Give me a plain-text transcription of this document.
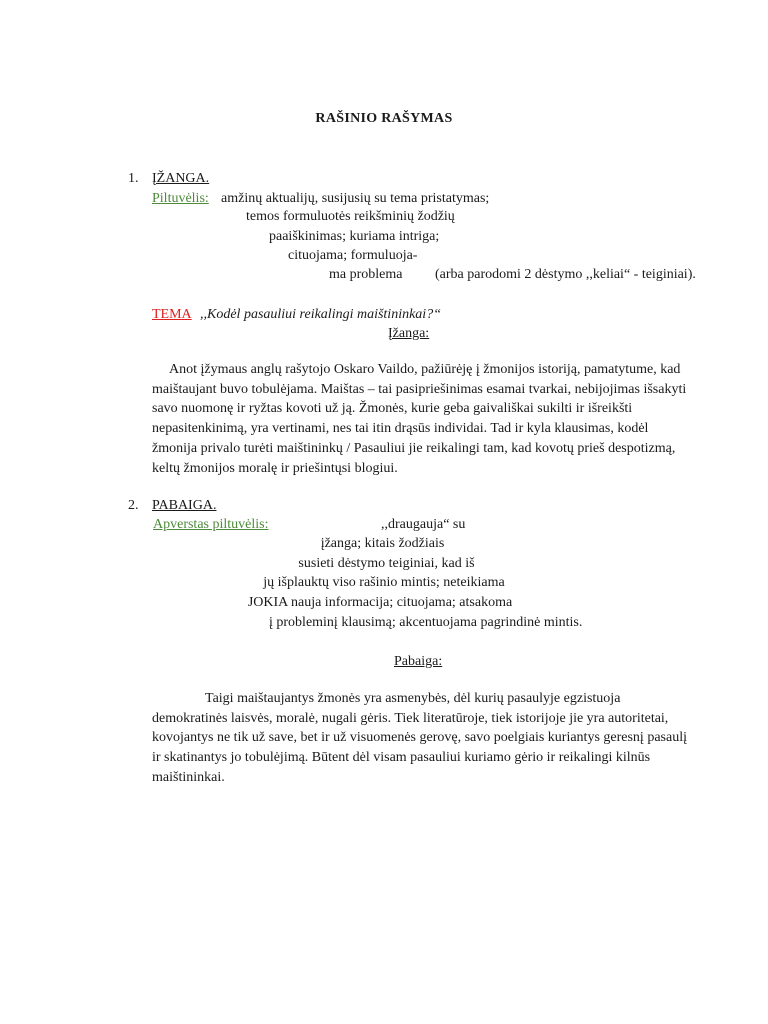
RAŠINIO RAŠYMAS
1. ĮŽANGA.
Piltuvėlis: amžinų aktualijų, susijusių su tema pristatymas;
temos formuluotės reikšminių žodžių
paaiškinimas; kuriama intriga;
cituojama; formuluoja-
ma problema (arba parodomi 2 dėstymo ,,keliai“ - teiginiai).
TEMA ,,Kodėl pasauliui reikalingi maištininkai?“
Įžanga:
Anot įžymaus anglų rašytojo Oskaro Vaildo, pažiūrėję į žmonijos istoriją, pamatytume, kad
maištaujant buvo tobulėjama. Maištas – tai pasipriešinimas esamai tvarkai, nebijojimas išsakyti
savo nuomonę ir ryžtas kovoti už ją. Žmonės, kurie geba gaivališkai sukilti ir išreikšti
nepasitenkinimą, yra vertinami, nes tai itin drąsūs individai. Tad ir kyla klausimas, kodėl
žmonija privalo turėti maištininkų / Pasauliui jie reikalingi tam, kad kovotų prieš despotizmą,
keltų žmonijos moralę ir priešintųsi blogiui.
2. PABAIGA.
Apverstas piltuvėlis:	,,draugauja“ su
įžanga; kitais žodžiais
susieti dėstymo teiginiai, kad iš
jų išplauktų viso rašinio mintis; neteikiama
JOKIA nauja informacija; cituojama; atsakoma
į probleminį klausimą; akcentuojama pagrindinė mintis.
Pabaiga:
Taigi maištaujantys žmonės yra asmenybės, dėl kurių pasaulyje egzistuoja
demokratinės laisvės, moralė, nugali gėris. Tiek literatūroje, tiek istorijoje jie yra autoritetai,
kovojantys ne tik už save, bet ir už visuomenės gerovę, savo poelgiais kuriantys geresnį pasaulį
ir skatinantys jo tobulėjimą. Būtent dėl visam pasauliui kuriamo gėrio ir reikalingi kilnūs
maištininkai.
